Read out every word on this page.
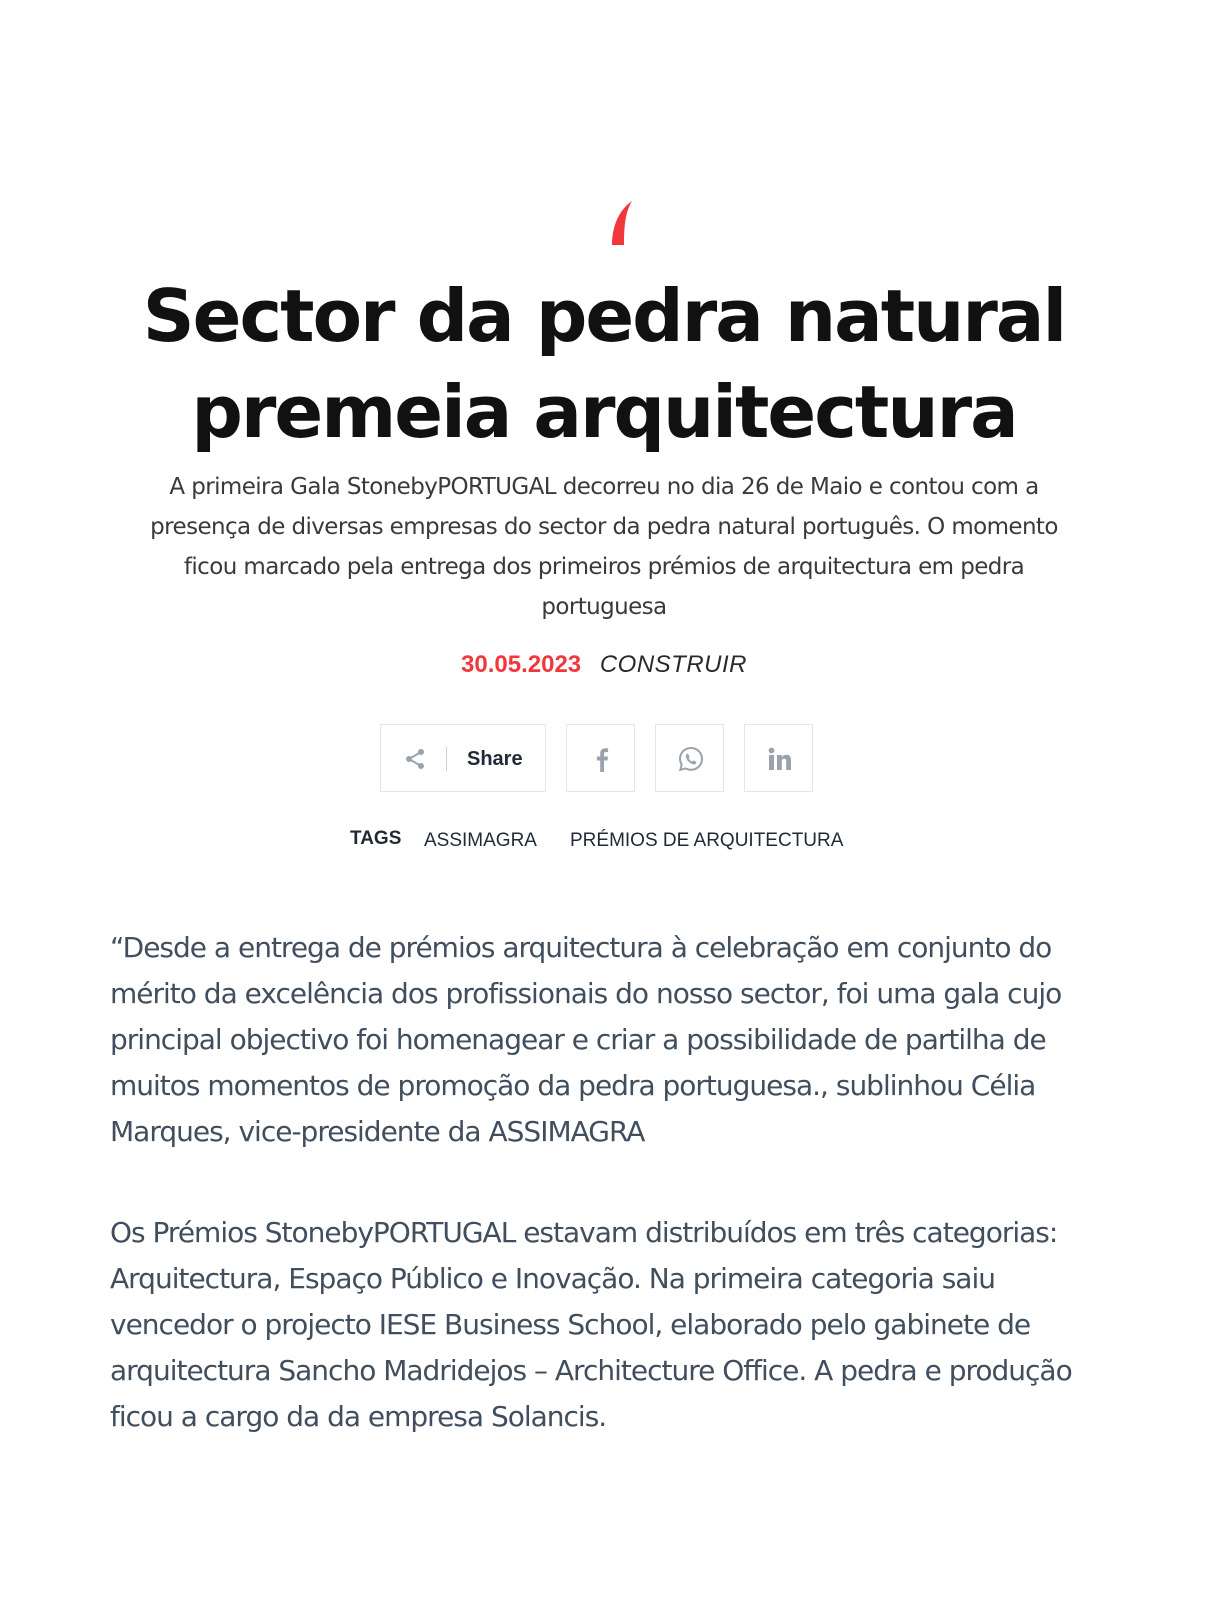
Sector da pedra natural premeia arquitectura

A primeira Gala StonebyPORTUGAL decorreu no dia 26 de Maio e contou com a presença de diversas empresas do sector da pedra natural português. O momento ficou marcado pela entrega dos primeiros prémios de arquitectura em pedra portuguesa

30.05.2023 CONSTRUIR
Share
TAGS ASSIMAGRA PRÉMIOS DE ARQUITECTURA

“Desde a entrega de prémios arquitectura à celebração em conjunto do mérito da excelência dos profissionais do nosso sector, foi uma gala cujo principal objectivo foi homenagear e criar a possibilidade de partilha de muitos momentos de promoção da pedra portuguesa., sublinhou Célia Marques, vice-presidente da ASSIMAGRA

Os Prémios StonebyPORTUGAL estavam distribuídos em três categorias: Arquitectura, Espaço Público e Inovação. Na primeira categoria saiu vencedor o projecto IESE Business School, elaborado pelo gabinete de arquitectura Sancho Madridejos – Architecture Office. A pedra e produção ficou a cargo da da empresa Solancis.
